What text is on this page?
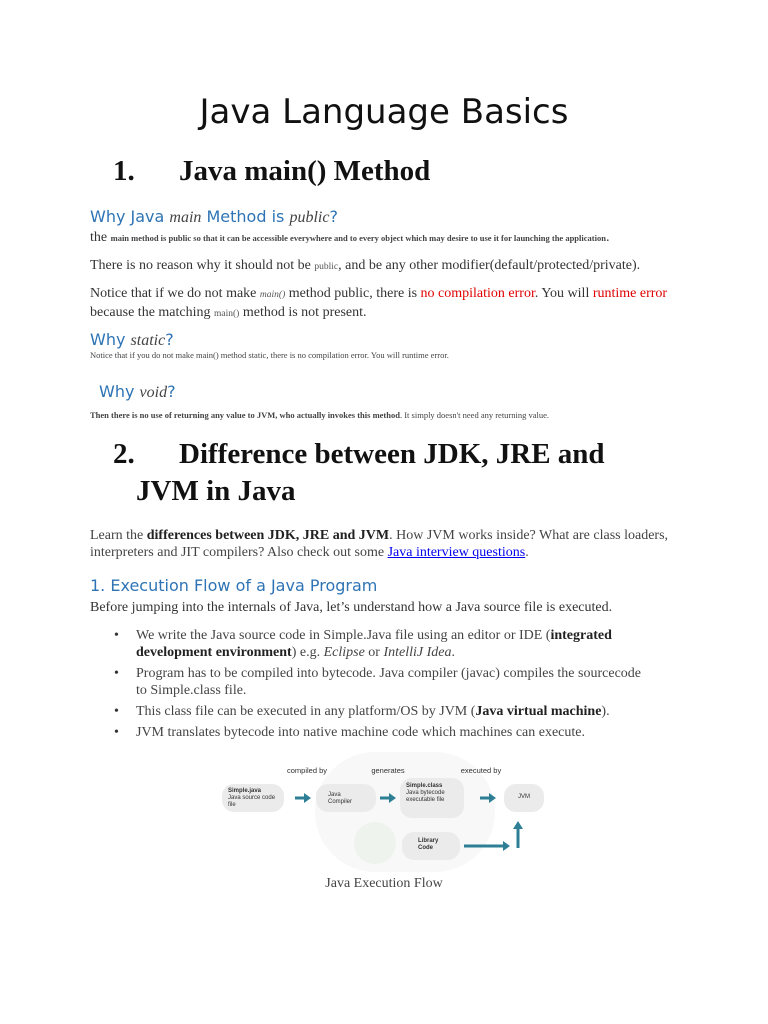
Java Language Basics
1. Java main() Method
Why Java main Method is public?

the main method is public so that it can be accessible everywhere and to every object which may desire to use it for launching the application.

There is no reason why it should not be public, and be any other modifier(default/protected/private).

Notice that if we do not make main() method public, there is no compilation error. You will runtime error because the matching main() method is not present.

Why static?

Notice that if you do not make main() method static, there is no compilation error. You will runtime error.

Why void?

Then there is no use of returning any value to JVM, who actually invokes this method. It simply doesn't need any returning value.

2. Difference between JDK, JRE and
JVM in Java

Learn the differences between JDK, JRE and JVM. How JVM works inside? What are class loaders, interpreters and JIT compilers? Also check out some Java interview questions.

1. Execution Flow of a Java Program

Before jumping into the internals of Java, let’s understand how a Java source file is executed.

• We write the Java source code in Simple.Java file using an editor or IDE (integrated development environment) e.g. Eclipse or IntelliJ Idea.
• Program has to be compiled into bytecode. Java compiler (javac) compiles the sourcecode to Simple.class file.
• This class file can be executed in any platform/OS by JVM (Java virtual machine).
• JVM translates bytecode into native machine code which machines can execute.
compiled by	generates	executed by
Simple.java
Java source code file
Java Compiler
Simple.class
Java bytecode executable file	JVM
Library Code
Java Execution Flow
